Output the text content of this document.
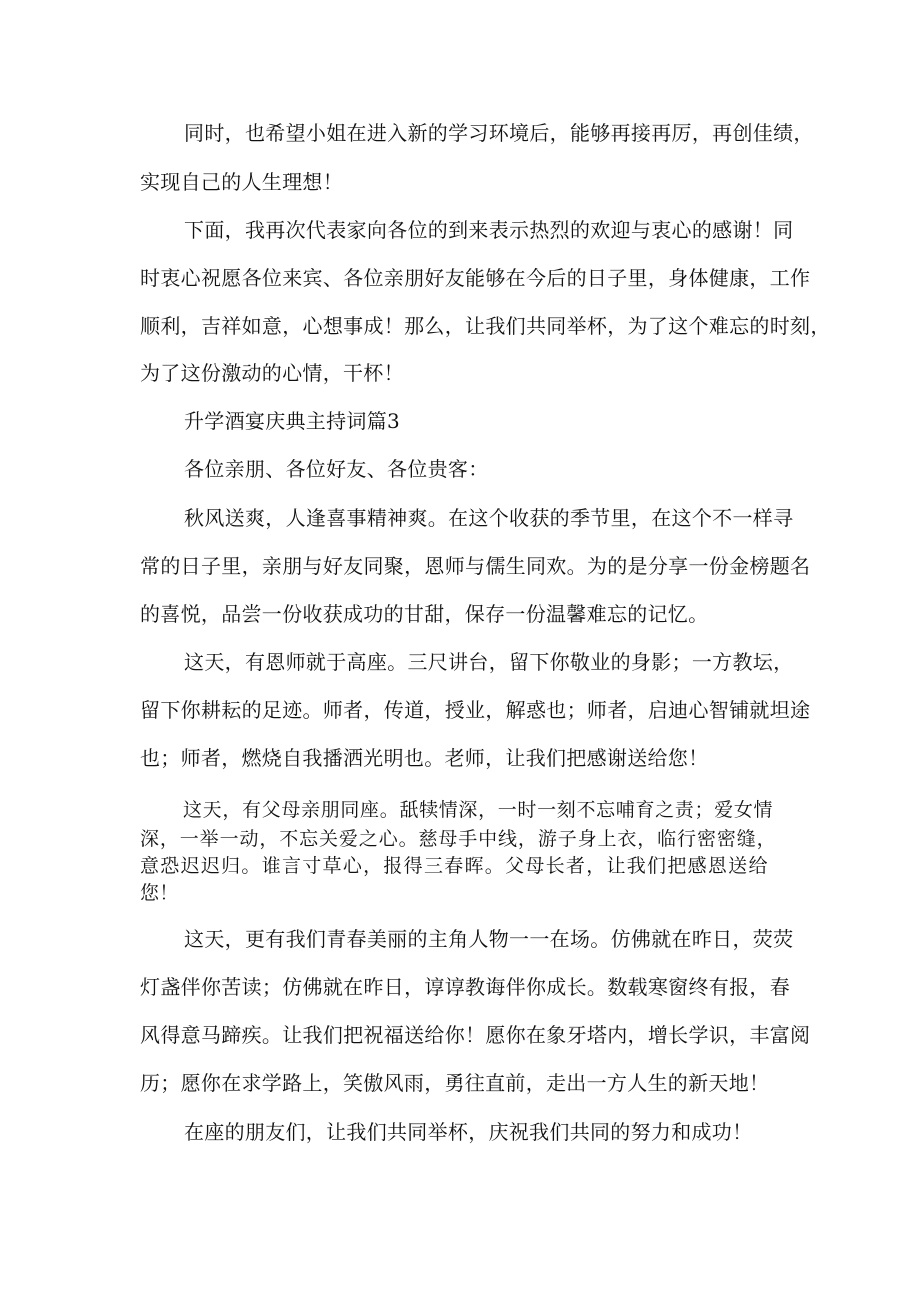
同 时 ， 也 希 望 小 姐 在 进 入 新 的 学 习 环 境 后 ， 能 够 再 接 再 厉 ， 再 创 佳 绩 ，
实现自己的人生理想！
下 面 ， 我 再 次 代 表 家 向 各 位 的 到 来 表 示 热 烈 的 欢 迎 与 衷 心 的 感 谢 ！ 同
时 衷 心 祝 愿 各 位 来 宾 、 各 位 亲 朋 好 友 能 够 在 今 后 的 日 子 里 ， 身 体 健 康 ， 工 作
顺 利 ， 吉 祥 如 意 ， 心 想 事 成 ！ 那 么 ， 让 我 们 共 同 举 杯 ， 为 了 这 个 难 忘 的 时 刻 ，
为了这份激动的心情，干杯！
升学酒宴庆典主持词篇3
各位亲朋、各位好友、各位贵客：
秋 风 送 爽 ， 人 逢 喜 事 精 神 爽 。 在 这 个 收 获 的 季 节 里 ， 在 这 个 不 一 样 寻
常 的 日 子 里 ， 亲 朋 与 好 友 同 聚 ， 恩 师 与 儒 生 同 欢 。 为 的 是 分 享 一 份 金 榜 题 名
的喜悦，品尝一份收获成功的甘甜，保存一份温馨难忘的记忆。
这 天 ， 有 恩 师 就 于 高 座 。 三 尺 讲 台 ， 留 下 你 敬 业 的 身 影 ； 一 方 教 坛 ，
留 下 你 耕 耘 的 足 迹 。 师 者 ， 传 道 ， 授 业 ， 解 惑 也 ； 师 者 ， 启 迪 心 智 铺 就 坦 途
也；师者，燃烧自我播洒光明也。老师，让我们把感谢送给您！
这 天 ， 有 父 母 亲 朋 同 座 。 舐 犊 情 深 ， 一 时 一 刻 不 忘 哺 育 之 责 ； 爱 女 情
深 ， 一 举 一 动 ， 不 忘 关 爱 之 心 。 慈 母 手 中 线 ， 游 子 身 上 衣 ， 临 行 密 密 缝 ，
意 恐 迟 迟 归 。 谁 言 寸 草 心 ， 报 得 三 春 晖 。 父 母 长 者 ， 让 我 们 把 感 恩 送 给
您！
这 天 ， 更 有 我 们 青 春 美 丽 的 主 角 人 物 一 一 在 场 。 仿 佛 就 在 昨 日 ， 荧 荧
灯 盏 伴 你 苦 读 ； 仿 佛 就 在 昨 日 ， 谆 谆 教 诲 伴 你 成 长 。 数 载 寒 窗 终 有 报 ， 春
风 得 意 马 蹄 疾 。 让 我 们 把 祝 福 送 给 你 ！ 愿 你 在 象 牙 塔 内 ， 增 长 学 识 ， 丰 富 阅
历；愿你在求学路上，笑傲风雨，勇往直前，走出一方人生的新天地！
在座的朋友们，让我们共同举杯，庆祝我们共同的努力和成功！
